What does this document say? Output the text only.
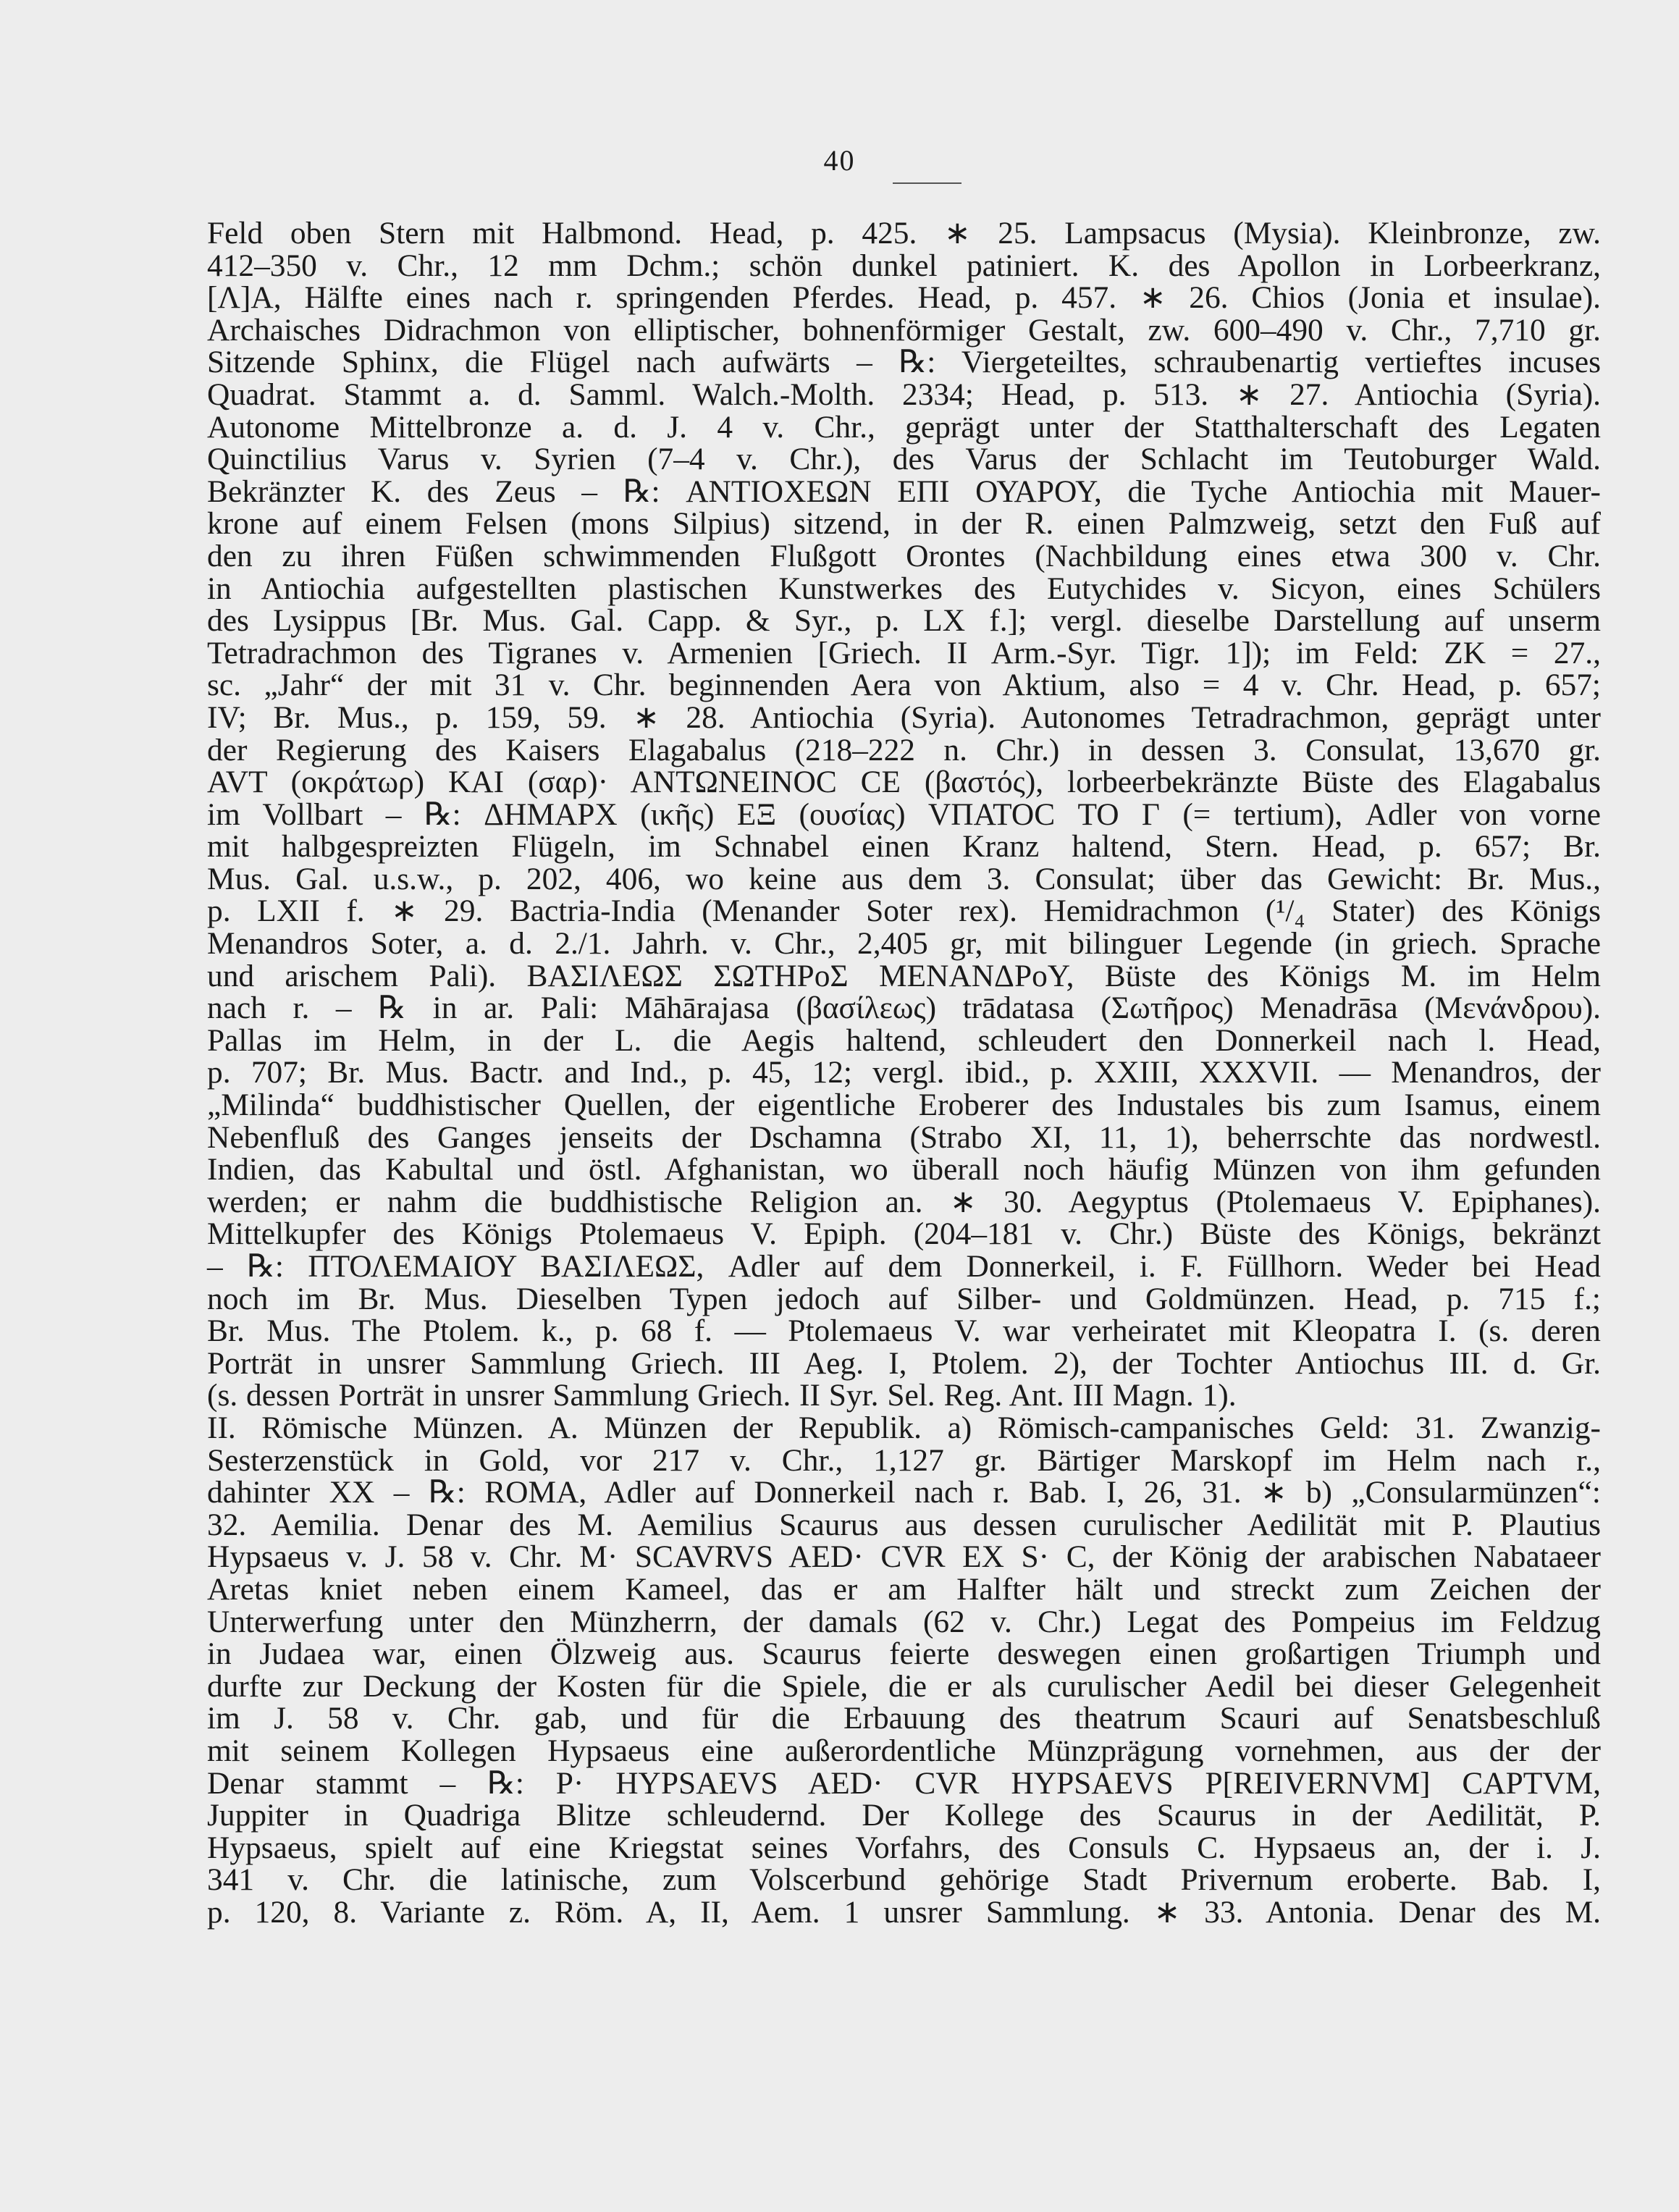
40
Feld oben Stern mit Halbmond. Head, p. 425. ∗ 25. Lampsacus (Mysia). Kleinbronze, zw.
412–350 v. Chr., 12 mm Dchm.; schön dunkel patiniert. K. des Apollon in Lorbeerkranz,
[Λ]Α, Hälfte eines nach r. springenden Pferdes. Head, p. 457. ∗ 26. Chios (Jonia et insulae).
Archaisches Didrachmon von elliptischer, bohnenförmiger Gestalt, zw. 600–490 v. Chr., 7,710 gr.
Sitzende Sphinx, die Flügel nach aufwärts – ℞: Viergeteiltes, schraubenartig vertieftes incuses
Quadrat. Stammt a. d. Samml. Walch.-Molth. 2334; Head, p. 513. ∗ 27. Antiochia (Syria).
Autonome Mittelbronze a. d. J. 4 v. Chr., geprägt unter der Statthalterschaft des Legaten
Quinctilius Varus v. Syrien (7–4 v. Chr.), des Varus der Schlacht im Teutoburger Wald.
Bekränzter K. des Zeus – ℞: ΑΝΤΙΟΧΕΩΝ ΕΠΙ ΟΥΑΡΟΥ, die Tyche Antiochia mit Mauer-
krone auf einem Felsen (mons Silpius) sitzend, in der R. einen Palmzweig, setzt den Fuß auf
den zu ihren Füßen schwimmenden Flußgott Orontes (Nachbildung eines etwa 300 v. Chr.
in Antiochia aufgestellten plastischen Kunstwerkes des Eutychides v. Sicyon, eines Schülers
des Lysippus [Br. Mus. Gal. Capp. & Syr., p. LX f.]; vergl. dieselbe Darstellung auf unserm
Tetradrachmon des Tigranes v. Armenien [Griech. II Arm.-Syr. Tigr. 1]); im Feld: ΖΚ = 27.,
sc. „Jahr“ der mit 31 v. Chr. beginnenden Aera von Aktium, also = 4 v. Chr. Head, p. 657;
IV; Br. Mus., p. 159, 59. ∗ 28. Antiochia (Syria). Autonomes Tetradrachmon, geprägt unter
der Regierung des Kaisers Elagabalus (218–222 n. Chr.) in dessen 3. Consulat, 13,670 gr.
AVT (οκράτωρ) KAI (σαρ)· ANTΩNEINOC CE (βαστός), lorbeerbekränzte Büste des Elagabalus
im Vollbart – ℞: ΔΗΜΑΡΧ (ικῆς) ΕΞ (ουσίας) VΠΑΤΟC ΤΟ Γ (= tertium), Adler von vorne
mit halbgespreizten Flügeln, im Schnabel einen Kranz haltend, Stern. Head, p. 657; Br.
Mus. Gal. u.s.w., p. 202, 406, wo keine aus dem 3. Consulat; über das Gewicht: Br. Mus.,
p. LXII f. ∗ 29. Bactria-India (Menander Soter rex). Hemidrachmon (¹/₄ Stater) des Königs
Menandros Soter, a. d. 2./1. Jahrh. v. Chr., 2,405 gr, mit bilinguer Legende (in griech. Sprache
und arischem Pali). ΒΑΣΙΛΕΩΣ ΣΩΤΗΡοΣ ΜΕΝΑΝΔΡοΥ, Büste des Königs M. im Helm
nach r. – ℞ in ar. Pali: Māhārajasa (βασίλεως) trādatasa (Σωτῆρος) Menadrāsa (Μενάνδρου).
Pallas im Helm, in der L. die Aegis haltend, schleudert den Donnerkeil nach l. Head,
p. 707; Br. Mus. Bactr. and Ind., p. 45, 12; vergl. ibid., p. XXIII, XXXVII. — Menandros, der
„Milinda“ buddhistischer Quellen, der eigentliche Eroberer des Industales bis zum Isamus, einem
Nebenfluß des Ganges jenseits der Dschamna (Strabo XI, 11, 1), beherrschte das nordwestl.
Indien, das Kabultal und östl. Afghanistan, wo überall noch häufig Münzen von ihm gefunden
werden; er nahm die buddhistische Religion an. ∗ 30. Aegyptus (Ptolemaeus V. Epiphanes).
Mittelkupfer des Königs Ptolemaeus V. Epiph. (204–181 v. Chr.) Büste des Königs, bekränzt
– ℞: ΠΤΟΛΕΜΑΙΟΥ ΒΑΣΙΛΕΩΣ, Adler auf dem Donnerkeil, i. F. Füllhorn. Weder bei Head
noch im Br. Mus. Dieselben Typen jedoch auf Silber- und Goldmünzen. Head, p. 715 f.;
Br. Mus. The Ptolem. k., p. 68 f. — Ptolemaeus V. war verheiratet mit Kleopatra I. (s. deren
Porträt in unsrer Sammlung Griech. III Aeg. I, Ptolem. 2), der Tochter Antiochus III. d. Gr.
(s. dessen Porträt in unsrer Sammlung Griech. II Syr. Sel. Reg. Ant. III Magn. 1).
II. Römische Münzen. A. Münzen der Republik. a) Römisch-campanisches Geld: 31. Zwanzig-
Sesterzenstück in Gold, vor 217 v. Chr., 1,127 gr. Bärtiger Marskopf im Helm nach r.,
dahinter XX – ℞: ROMA, Adler auf Donnerkeil nach r. Bab. I, 26, 31. ∗ b) „Consularmünzen“:
32. Aemilia. Denar des M. Aemilius Scaurus aus dessen curulischer Aedilität mit P. Plautius
Hypsaeus v. J. 58 v. Chr. M· SCAVRVS AED· CVR EX S· C, der König der arabischen Nabataeer
Aretas kniet neben einem Kameel, das er am Halfter hält und streckt zum Zeichen der
Unterwerfung unter den Münzherrn, der damals (62 v. Chr.) Legat des Pompeius im Feldzug
in Judaea war, einen Ölzweig aus. Scaurus feierte deswegen einen großartigen Triumph und
durfte zur Deckung der Kosten für die Spiele, die er als curulischer Aedil bei dieser Gelegenheit
im J. 58 v. Chr. gab, und für die Erbauung des theatrum Scauri auf Senatsbeschluß
mit seinem Kollegen Hypsaeus eine außerordentliche Münzprägung vornehmen, aus der der
Denar stammt – ℞: P· HYPSAEVS AED· CVR HYPSAEVS P[REIVERNVM] CAPTVM,
Juppiter in Quadriga Blitze schleudernd. Der Kollege des Scaurus in der Aedilität, P.
Hypsaeus, spielt auf eine Kriegstat seines Vorfahrs, des Consuls C. Hypsaeus an, der i. J.
341 v. Chr. die latinische, zum Volscerbund gehörige Stadt Privernum eroberte. Bab. I,
p. 120, 8. Variante z. Röm. A, II, Aem. 1 unsrer Sammlung. ∗ 33. Antonia. Denar des M.
